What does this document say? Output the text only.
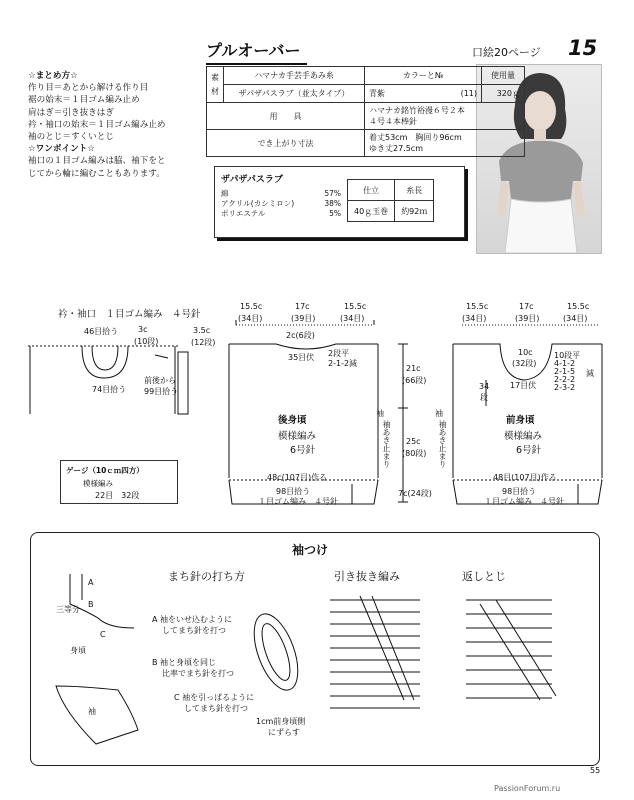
プルオーバー	口絵20ページ 15
☆まとめ方☆
作り目＝あとから解ける作り目
裾の始末＝１目ゴム編み止め
肩はぎ＝引き抜きはぎ
衿・袖口の始末＝１目ゴム編み止め
袖のとじ＝すくいとじ
☆ワンポイント☆
袖口の１目ゴム編みは脇、袖下をと
じてから輪に編むこともあります。
素
材	ハマナカ手芸手あみ糸	カラーと№		使用量
	ザパザパスラブ（並太タイプ）	青紫	(11)	320ｇ
用　　具		ハマナカ銘竹裕漫６号２本
４号４本棒針		
でき上がり寸法		着丈53cm　胸回り96cm
ゆき丈27.5cm		
ザパザパスラブ
綿	57%
アクリル(カシミロン)	38%
ポリエステル	5%
仕立	糸長
40ｇ玉巻	約92ｍ
衿・袖口　１目ゴム編み　４号針
46目拾う 3c
(10段)
74目拾う
前後から
99目拾う
3.5c
(12段)
ゲージ（10ｃｍ四方）
模様編み
22目　32段
15.5c
(34目)
17c
(39目)
15.5c
(34目)
2c(6段)
35目伏 2段平
2-1-2減
後身頃
模様編み
6号針
21c
(66段)
25c
(80段)
7c(24段)
袖
袖あき止まり
48c(107目)作る
98目拾う
１目ゴム編み　４号針
15.5c
(34目)
17c
(39目)
15.5c
(34目)
10c
(32段)
34
段
17目伏
10段平
4-1-2
2-1-5
2-2-2
2-3-2
減
前身頃
模様編み
6号針
袖
袖あき止まり
48目(107目)作る
98目拾う
１目ゴム編み　４号針
袖つけ
まち針の打ち方	引き抜き編み	返しとじ
A
B
C
三等分
身頃
袖
A 袖をいせ込むように
してまち針を打つ
B 袖と身頃を同じ
比率でまち針を打つ
C 袖を引っぱるように
してまち針を打つ
1cm前身頃側
にずらす
55
PassionForum.ru
